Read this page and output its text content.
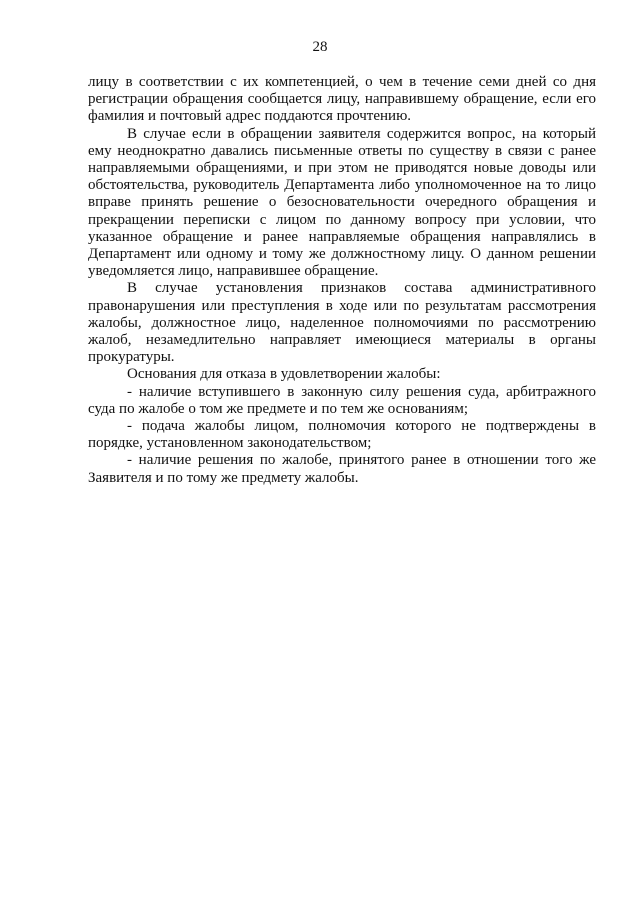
28

лицу в соответствии с их компетенцией, о чем в течение семи дней со дня регистрации обращения сообщается лицу, направившему обращение, если его фамилия и почтовый адрес поддаются прочтению.

В случае если в обращении заявителя содержится вопрос, на который ему неоднократно давались письменные ответы по существу в связи с ранее направляемыми обращениями, и при этом не приводятся новые доводы или обстоятельства, руководитель Департамента либо уполномоченное на то лицо вправе принять решение о безосновательности очередного обращения и прекращении переписки с лицом по данному вопросу при условии, что указанное обращение и ранее направляемые обращения направлялись в Департамент или одному и тому же должностному лицу. О данном решении уведомляется лицо, направившее обращение.

В случае установления признаков состава административного правонарушения или преступления в ходе или по результатам рассмотрения жалобы, должностное лицо, наделенное полномочиями по рассмотрению жалоб, незамедлительно направляет имеющиеся материалы в органы прокуратуры.

Основания для отказа в удовлетворении жалобы:

- наличие вступившего в законную силу решения суда, арбитражного суда по жалобе о том же предмете и по тем же основаниям;

- подача жалобы лицом, полномочия которого не подтверждены в порядке, установленном законодательством;

- наличие решения по жалобе, принятого ранее в отношении того же Заявителя и по тому же предмету жалобы.
